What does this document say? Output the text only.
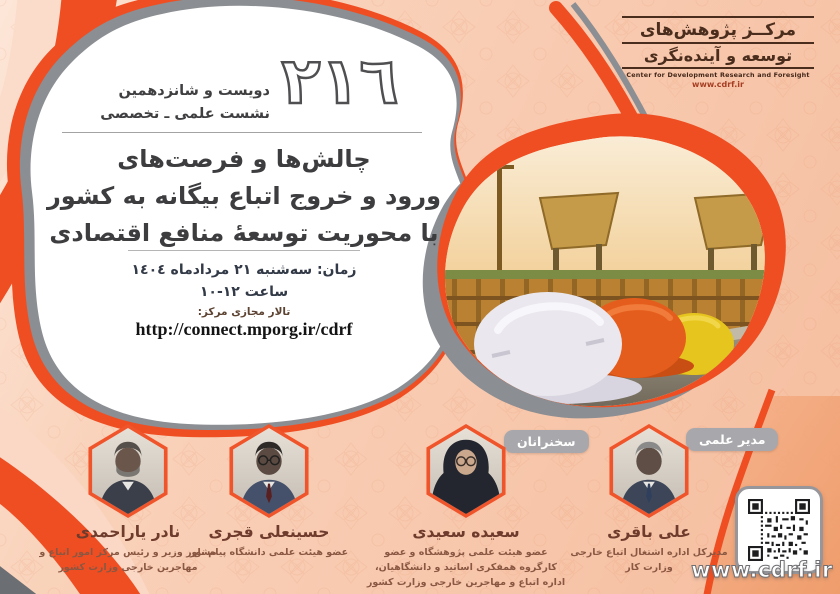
مرکــز پژوهش‌های
توسعه و آینده‌نگری
Center for Development Research and Foresight
www.cdrf.ir
٢١٦
دویست و شانزدهمین
نشست علمی ـ تخصصی
چالش‌ها و فرصت‌های
ورود و خروج اتباع بیگانه به کشور
با محوریت توسعهٔ منافع اقتصادی
زمان: سه‌شنبه ٢١ مردادماه ١٤٠٤
ساعت ١٢-١٠
تالار مجازی مرکز:
http://connect.mporg.ir/cdrf
سخنرانان	مدیر علمی
نادر یاراحمدی
مشاور وزیر و رئیس مرکز امور اتباع و مهاجرین خارجی وزارت کشور
حسینعلی قجری
عضو هیئت علمی دانشگاه پیام نور
سعیده سعیدی
عضو هیئت علمی پژوهشگاه و عضو کارگروه همفکری اساتید و دانشگاهیان، اداره اتباع و مهاجرین خارجی وزارت کشور
علی باقری
مدیرکل اداره اشتغال اتباع خارجی وزارت کار www.cdrf.ir
